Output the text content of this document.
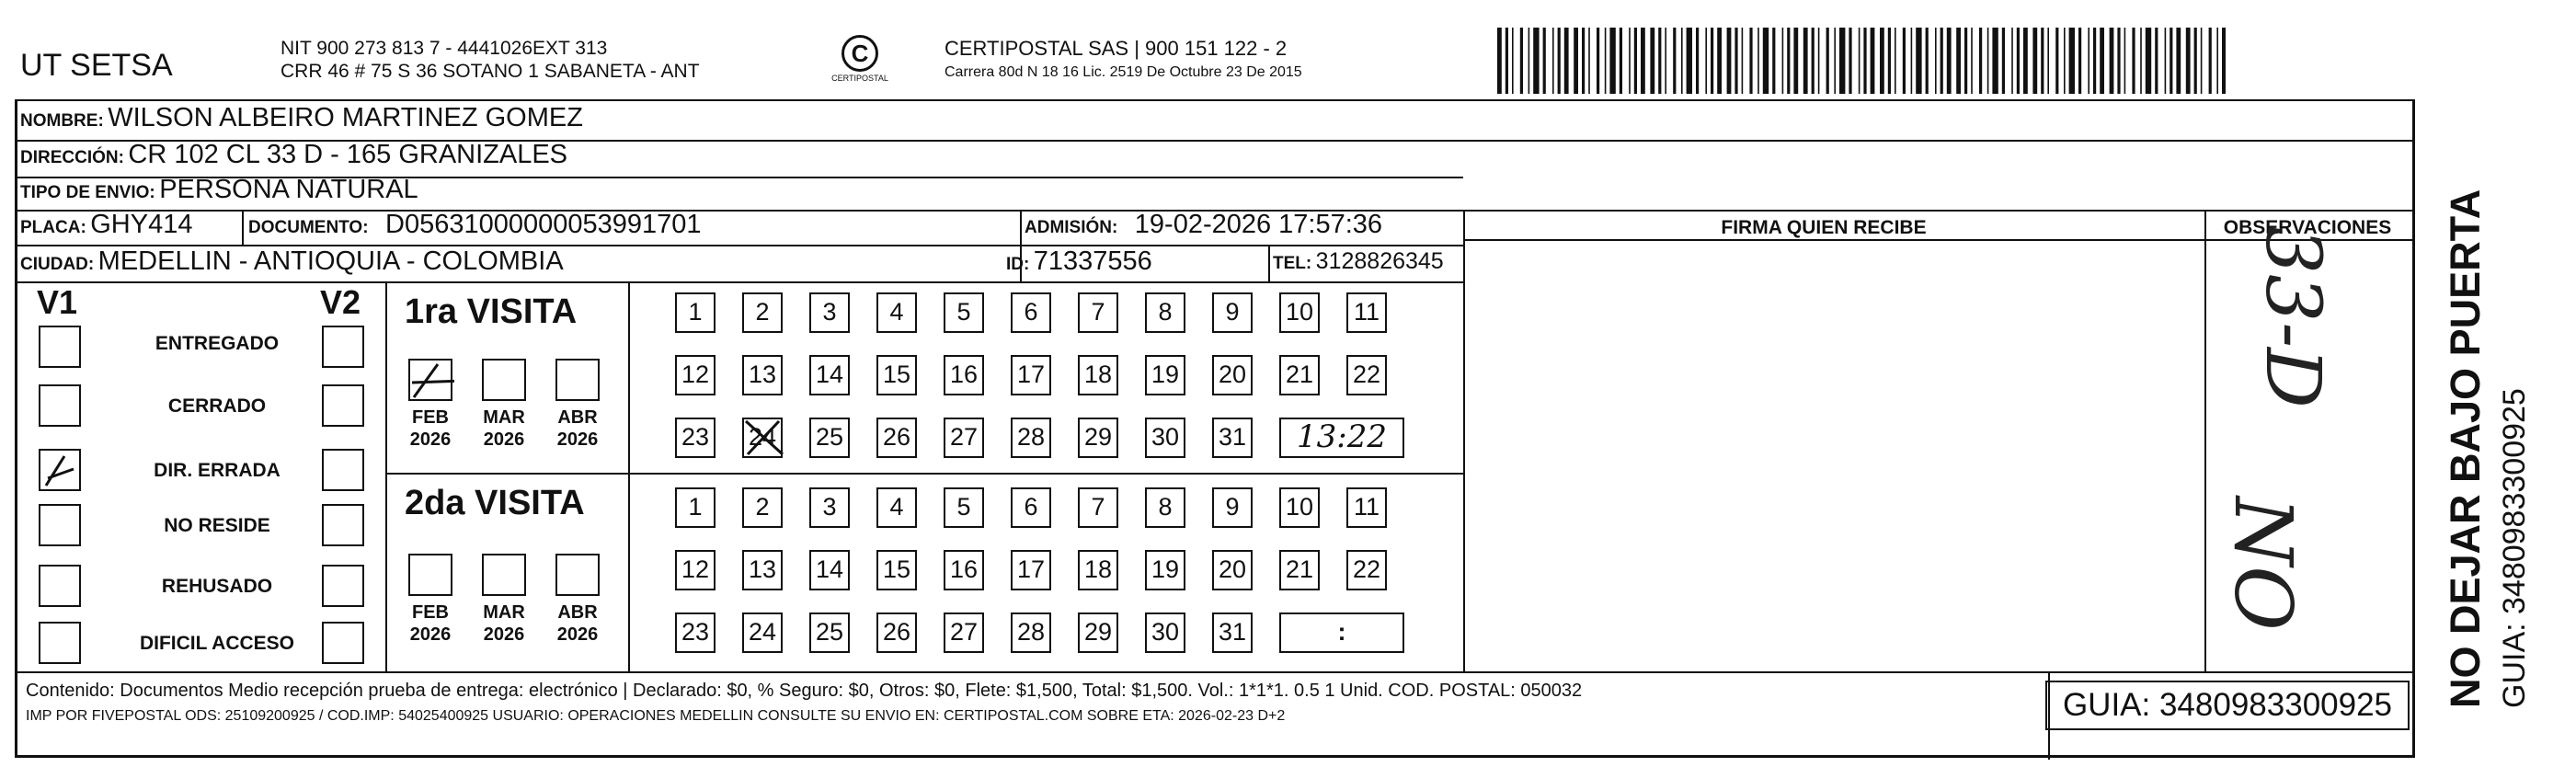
UT SETSA	NIT 900 273 813 7 - 4441026EXT 313
CRR 46 # 75 S 36 SOTANO 1 SABANETA - ANT
C
CERTIPOSTAL
CERTIPOSTAL SAS | 900 151 122 - 2
Carrera 80d N 18 16 Lic. 2519 De Octubre 23 De 2015
NOMBRE: WILSON ALBEIRO MARTINEZ GOMEZ
DIRECCIÓN: CR 102 CL 33 D - 165 GRANIZALES
TIPO DE ENVIO: PERSONA NATURAL
PLACA: GHY414	DOCUMENTO: D05631000000053991701	ADMISIÓN: 19-02-2026 17:57:36
CIUDAD: MEDELLIN - ANTIOQUIA - COLOMBIA	ID: 71337556	TEL: 3128826345
FIRMA QUIEN RECIBE	OBSERVACIONES
V1	V2
ENTREGADO
CERRADO
DIR. ERRADA
NO RESIDE
REHUSADO
DIFICIL ACCESO
1ra VISITA
2da VISITA
FEB
2026
MAR
2026
ABR
2026
1	2	3	4	5	6	7	8	9	10 11
12 13 14 15 16 17 18 19 20 21 22
23 24 25 26 27 28 29 30 31	13:22
FEB
2026
MAR
2026
ABR
2026
1	2	3	4	5	6	7	8	9	10 11
12 13 14 15 16 17 18 19 20 21 22
23 24 25 26 27 28 29 30 31	:
33-D
NO
Contenido: Documentos Medio recepción prueba de entrega: electrónico | Declarado: $0, % Seguro: $0, Otros: $0, Flete: $1,500, Total: $1,500. Vol.: 1*1*1. 0.5 1 Unid. COD. POSTAL: 050032
IMP POR FIVEPOSTAL ODS: 25109200925 / COD.IMP: 54025400925 USUARIO: OPERACIONES MEDELLIN CONSULTE SU ENVIO EN: CERTIPOSTAL.COM SOBRE ETA: 2026-02-23 D+2	GUIA: 3480983300925	NO DEJAR BAJO PUERTA GUIA: 3480983300925
